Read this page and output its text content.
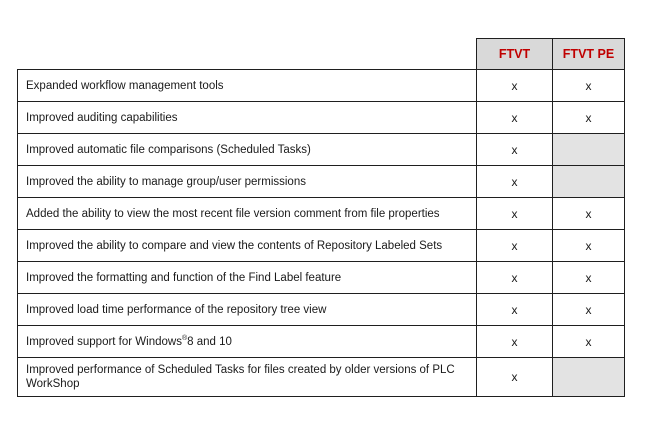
	FTVT	FTVT PE
Expanded workflow management tools	x	x
Improved auditing capabilities	x	x
Improved automatic file comparisons (Scheduled Tasks)	x	
Improved the ability to manage group/user permissions	x	
Added the ability to view the most recent file version comment from file properties	x	x
Improved the ability to compare and view the contents of Repository Labeled Sets	x	x
Improved the formatting and function of the Find Label feature	x	x
Improved load time performance of the repository tree view	x	x
Improved support for Windows®8 and 10	x	x
Improved performance of Scheduled Tasks for files created by older versions of PLC WorkShop	x	
